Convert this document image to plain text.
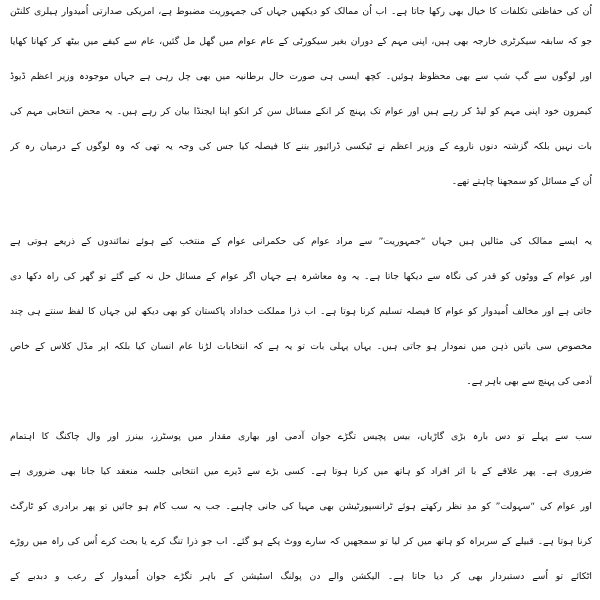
اُن کی حفاظتی تکلفات کا خیال بھی رکھا جاتا ہے۔ اب اُن ممالک کو دیکھیں جہاں کی جمہوریت مضبوط ہے، امریکی صدارتی اُمیدوار ہیلری کلنٹن
جو کہ سابقہ سیکرٹری خارجہ بھی ہیں، اپنی مہم کے دوران بغیر سیکورٹی کے عام عوام میں گھل مل گئیں، عام سے کیفے میں بیٹھ کر کھانا کھایا
اور لوگوں سے گپ شپ سے بھی محظوظ ہوئیں۔ کچھ ایسی ہی صورت حال برطانیہ میں بھی چل رہی ہے جہاں موجودہ وزیر اعظم ڈیوڈ
کیمرون خود اپنی مہم کو لیڈ کر رہے ہیں اور عوام تک پہنچ کر انکے مسائل سن کر انکو اپنا ایجنڈا بیان کر رہے ہیں۔ یہ محض انتخابی مہم کی
بات نہیں بلکہ گزشتہ دنوں ناروے کے وزیر اعظم نے ٹیکسی ڈرائیور بننے کا فیصلہ کیا جس کی وجہ یہ تھی کہ وہ لوگوں کے درمیان رہ کر
اُن کے مسائل کو سمجھنا چاہتے تھے۔
یہ ایسے ممالک کی مثالیں ہیں جہاں “جمہوریت” سے مراد عوام کی حکمرانی عوام کے منتخب کیے ہوئے نمائندوں کے ذریعے ہوتی ہے
اور عوام کے ووٹوں کو قدر کی نگاہ سے دیکھا جاتا ہے۔ یہ وہ معاشرہ ہے جہاں اگر عوام کے مسائل حل نہ کیے گئے تو گھر کی راہ دکھا دی
جاتی ہے اور مخالف اُمیدوار کو عوام کا فیصلہ تسلیم کرنا ہوتا ہے۔ اب ذرا مملکت خداداد پاکستان کو بھی دیکھ لیں جہاں کا لفظ سنتے ہی چند
مخصوص سی باتیں ذہن میں نمودار ہو جاتی ہیں۔ یہاں پہلی بات تو یہ ہے کہ انتخابات لڑنا عام انسان کیا بلکہ اپر مڈل کلاس کے خاص
آدمی کی پہنچ سے بھی باہر ہے۔
سب سے پہلے تو دس بارہ بڑی گاڑیاں، بیس پچیس تگڑے جوان آدمی اور بھاری مقدار میں پوسٹرز، بینرز اور وال چاکنگ کا اہتمام
ضروری ہے۔ پھر علاقے کے با اثر افراد کو ہاتھ میں کرنا ہوتا ہے۔ کسی بڑے سے ڈیرے میں انتخابی جلسہ منعقد کیا جانا بھی ضروری ہے
اور عوام کی “سہولت” کو مدِ نظر رکھتے ہوئے ٹرانسپورٹیشن بھی مہیا کی جانی چاہیے۔ جب یہ سب کام ہو جائیں تو پھر برادری کو ٹارگٹ
کرنا ہوتا ہے۔ قبیلے کے سربراہ کو ہاتھ میں کر لیا تو سمجھیں کہ سارے ووٹ پکے ہو گئے۔ اب جو ذرا تنگ کرے یا بحث کرے اُس کی راہ میں روڑے
اٹکائے تو اُسے دستبردار بھی کر دیا جاتا ہے۔ الیکشن والے دن پولنگ اسٹیشن کے باہر تگڑے جوان اُمیدوار کے رعب و دبدبے کے
